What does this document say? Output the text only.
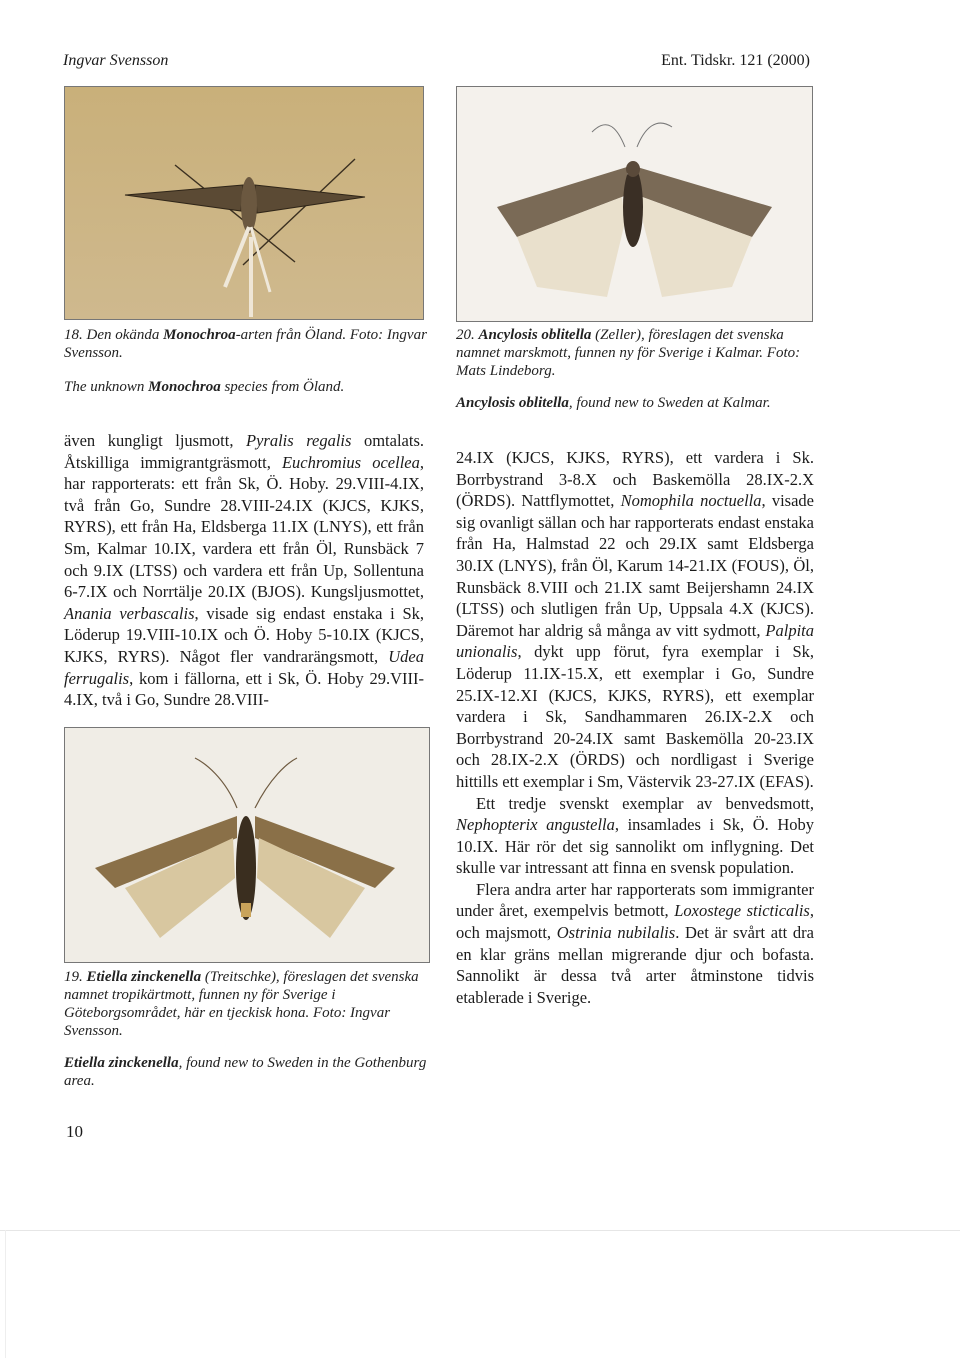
Ingvar Svensson	Ent. Tidskr. 121 (2000)
18. Den okända Monochroa-arten från Öland. Foto: Ingvar Svensson.
The unknown Monochroa species from Öland.
20. Ancylosis oblitella (Zeller), föreslagen det svenska namnet marskmott, funnen ny för Sverige i Kalmar. Foto: Mats Lindeborg.
Ancylosis oblitella, found new to Sweden at Kalmar.

även kungligt ljusmott, Pyralis regalis omtalats. Åtskilliga immigrantgräsmott, Euchromius ocellea, har rapporterats: ett från Sk, Ö. Hoby. 29.VIII-4.IX, två från Go, Sundre 28.VIII-24.IX (KJCS, KJKS, RYRS), ett från Ha, Eldsberga 11.IX (LNYS), ett från Sm, Kalmar 10.IX, vardera ett från Öl, Runsbäck 7 och 9.IX (LTSS) och vardera ett från Up, Sollentuna 6-7.IX och Norrtälje 20.IX (BJOS). Kungsljusmottet, Anania verbascalis, visade sig endast enstaka i Sk, Löderup 19.VIII-10.IX och Ö. Hoby 5-10.IX (KJCS, KJKS, RYRS). Något fler vandrarängsmott, Udea ferrugalis, kom i fällorna, ett i Sk, Ö. Hoby 29.VIII-4.IX, två i Go, Sundre 28.VIII-

19. Etiella zinckenella (Treitschke), föreslagen det svenska namnet tropikärtmott, funnen ny för Sverige i Göteborgsområdet, här en tjeckisk hona. Foto: Ingvar Svensson.
Etiella zinckenella, found new to Sweden in the Gothenburg area.

24.IX (KJCS, KJKS, RYRS), ett vardera i Sk. Borrbystrand 3-8.X och Baskemölla 28.IX-2.X (ÖRDS). Nattflymottet, Nomophila noctuella, visade sig ovanligt sällan och har rapporterats endast enstaka från Ha, Halmstad 22 och 29.IX samt Eldsberga 30.IX (LNYS), från Öl, Karum 14-21.IX (FOUS), Öl, Runsbäck 8.VIII och 21.IX samt Beijershamn 24.IX (LTSS) och slutligen från Up, Uppsala 4.X (KJCS). Däremot har aldrig så många av vitt sydmott, Palpita unionalis, dykt upp förut, fyra exemplar i Sk, Löderup 11.IX-15.X, ett exemplar i Go, Sundre 25.IX-12.XI (KJCS, KJKS, RYRS), ett exemplar vardera i Sk, Sandhammaren 26.IX-2.X och Borrbystrand 20-24.IX samt Baskemölla 20-23.IX och 28.IX-2.X (ÖRDS) och nordligast i Sverige hittills ett exemplar i Sm, Västervik 23-27.IX (EFAS).

Ett tredje svenskt exemplar av benvedsmott, Nephopterix angustella, insamlades i Sk, Ö. Hoby 10.IX. Här rör det sig sannolikt om inflygning. Det skulle var intressant att finna en svensk population.

Flera andra arter har rapporterats som immigranter under året, exempelvis betmott, Loxostege sticticalis, och majsmott, Ostrinia nubilalis. Det är svårt att dra en klar gräns mellan migrerande djur och bofasta. Sannolikt är dessa två arter åtminstone tidvis etablerade i Sverige.

10
